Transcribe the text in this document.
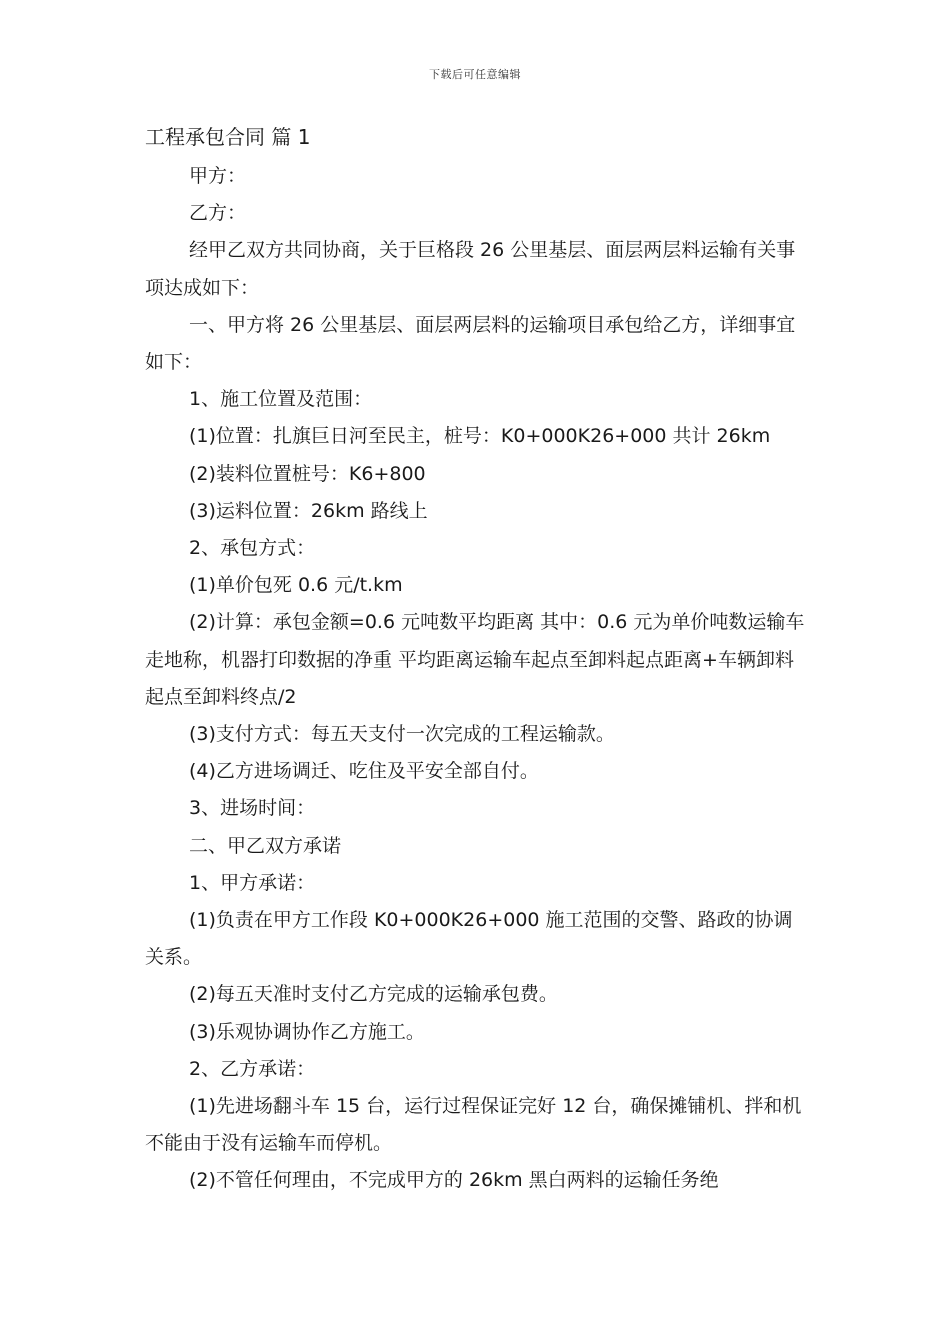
下载后可任意编辑
工程承包合同 篇 1

甲方：

乙方：

经甲乙双方共同协商，关于巨格段 26 公里基层、面层两层料运输有关事项达成如下：

一、甲方将 26 公里基层、面层两层料的运输项目承包给乙方，详细事宜如下：

1、施工位置及范围：

(1)位置：扎旗巨日河至民主，桩号：K0+000K26+000 共计 26km

(2)装料位置桩号：K6+800

(3)运料位置：26km 路线上

2、承包方式：

(1)单价包死 0.6 元/t.km

(2)计算：承包金额=0.6 元吨数平均距离 其中：0.6 元为单价吨数运输车走地称，机器打印数据的净重 平均距离运输车起点至卸料起点距离+车辆卸料起点至卸料终点/2

(3)支付方式：每五天支付一次完成的工程运输款。

(4)乙方进场调迁、吃住及平安全部自付。

3、进场时间：

二、甲乙双方承诺

1、甲方承诺：

(1)负责在甲方工作段 K0+000K26+000 施工范围的交警、路政的协调关系。

(2)每五天准时支付乙方完成的运输承包费。

(3)乐观协调协作乙方施工。

2、乙方承诺：

(1)先进场翻斗车 15 台，运行过程保证完好 12 台，确保摊铺机、拌和机不能由于没有运输车而停机。

(2)不管任何理由，不完成甲方的 26km 黑白两料的运输任务绝
